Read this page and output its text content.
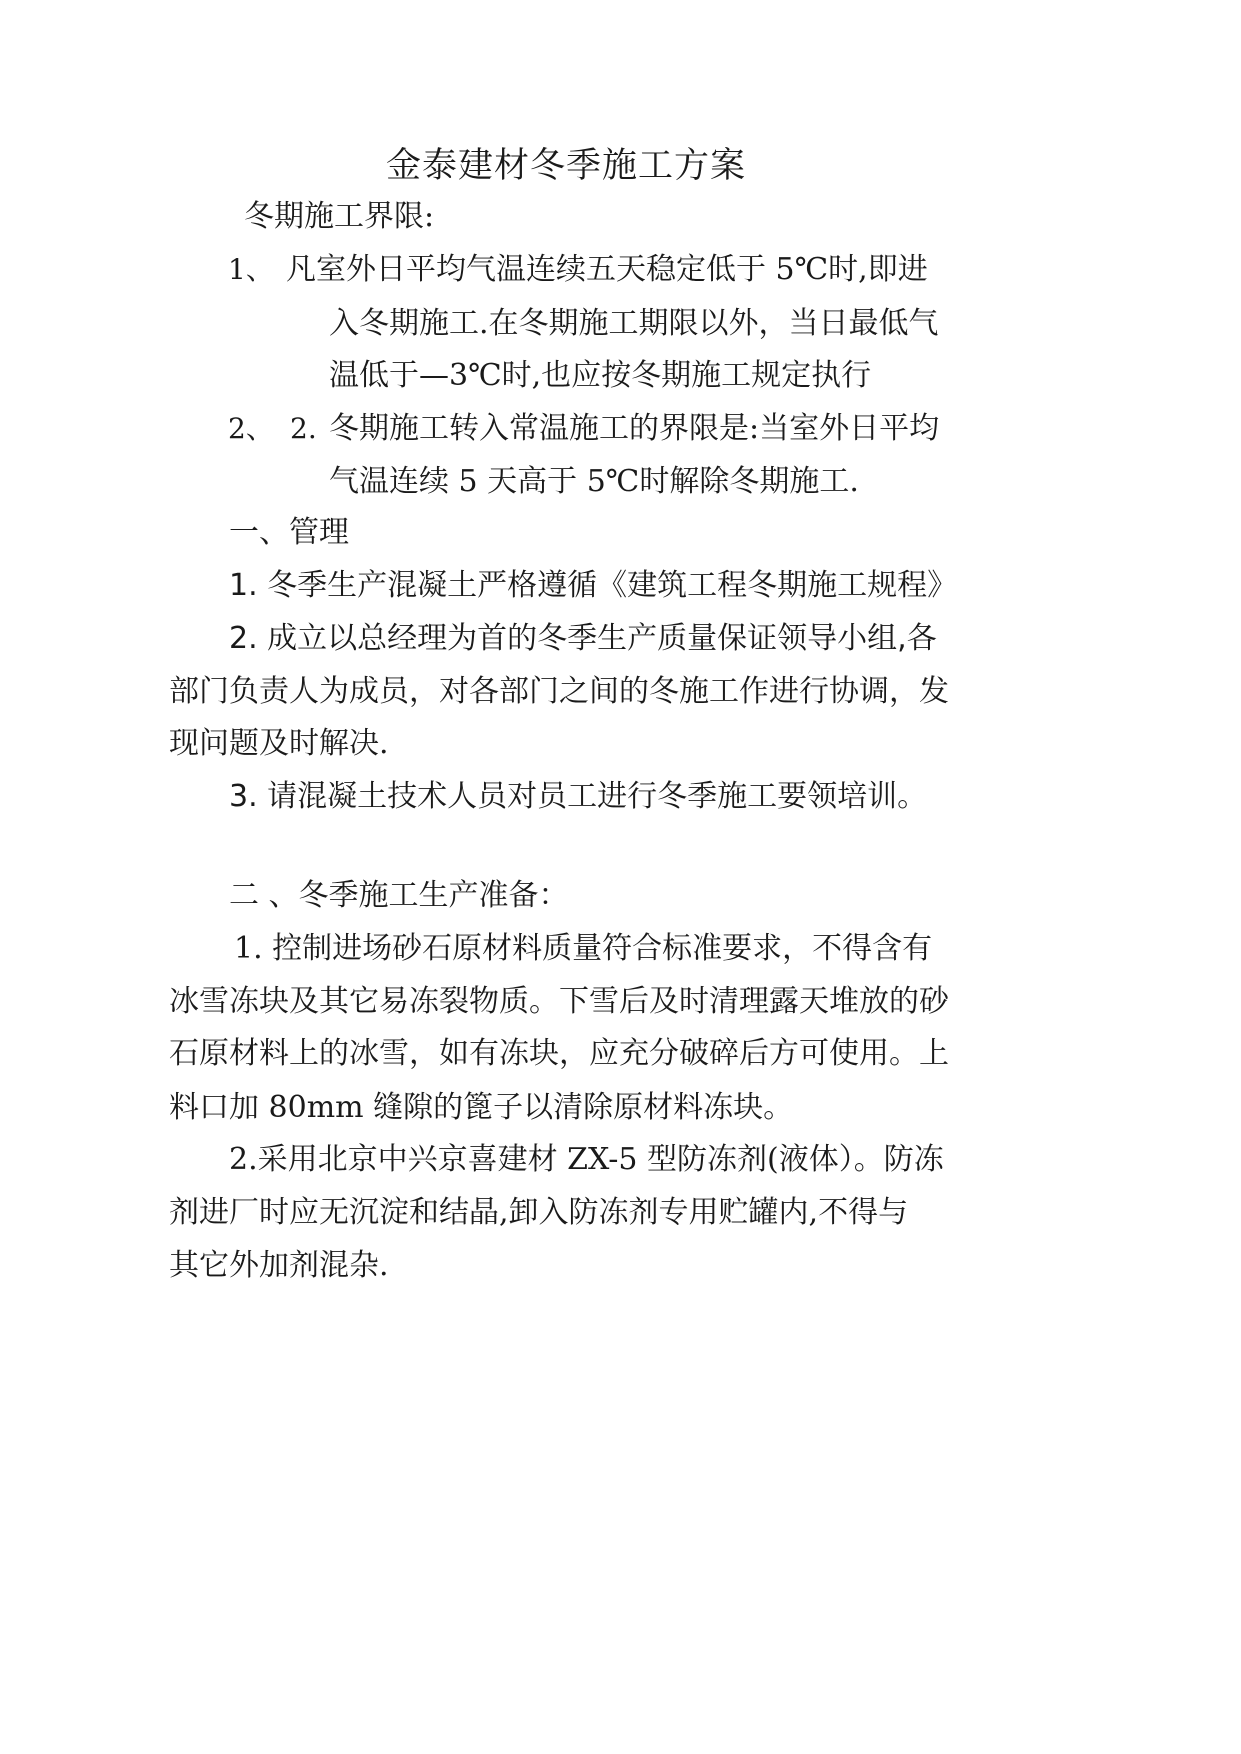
金泰建材冬季施工方案
冬期施工界限:
1、 凡室外日平均气温连续五天稳定低于 5℃时,即进
入冬期施工.在冬期施工期限以外，当日最低气
温低于—3℃时,也应按冬期施工规定执行
2、 2. 冬期施工转入常温施工的界限是:当室外日平均
气温连续 5 天高于 5℃时解除冬期施工.
一、管理
1. 冬季生产混凝土严格遵循《建筑工程冬期施工规程》
2. 成立以总经理为首的冬季生产质量保证领导小组,各
部门负责人为成员，对各部门之间的冬施工作进行协调，发
现问题及时解决.
3. 请混凝土技术人员对员工进行冬季施工要领培训。
二 、冬季施工生产准备：
1. 控制进场砂石原材料质量符合标准要求，不得含有
冰雪冻块及其它易冻裂物质。下雪后及时清理露天堆放的砂
石原材料上的冰雪，如有冻块，应充分破碎后方可使用。上
料口加 80mm 缝隙的篦子以清除原材料冻块。
2.采用北京中兴京喜建材 ZX-5 型防冻剂(液体）。防冻
剂进厂时应无沉淀和结晶,卸入防冻剂专用贮罐内,不得与
其它外加剂混杂.
